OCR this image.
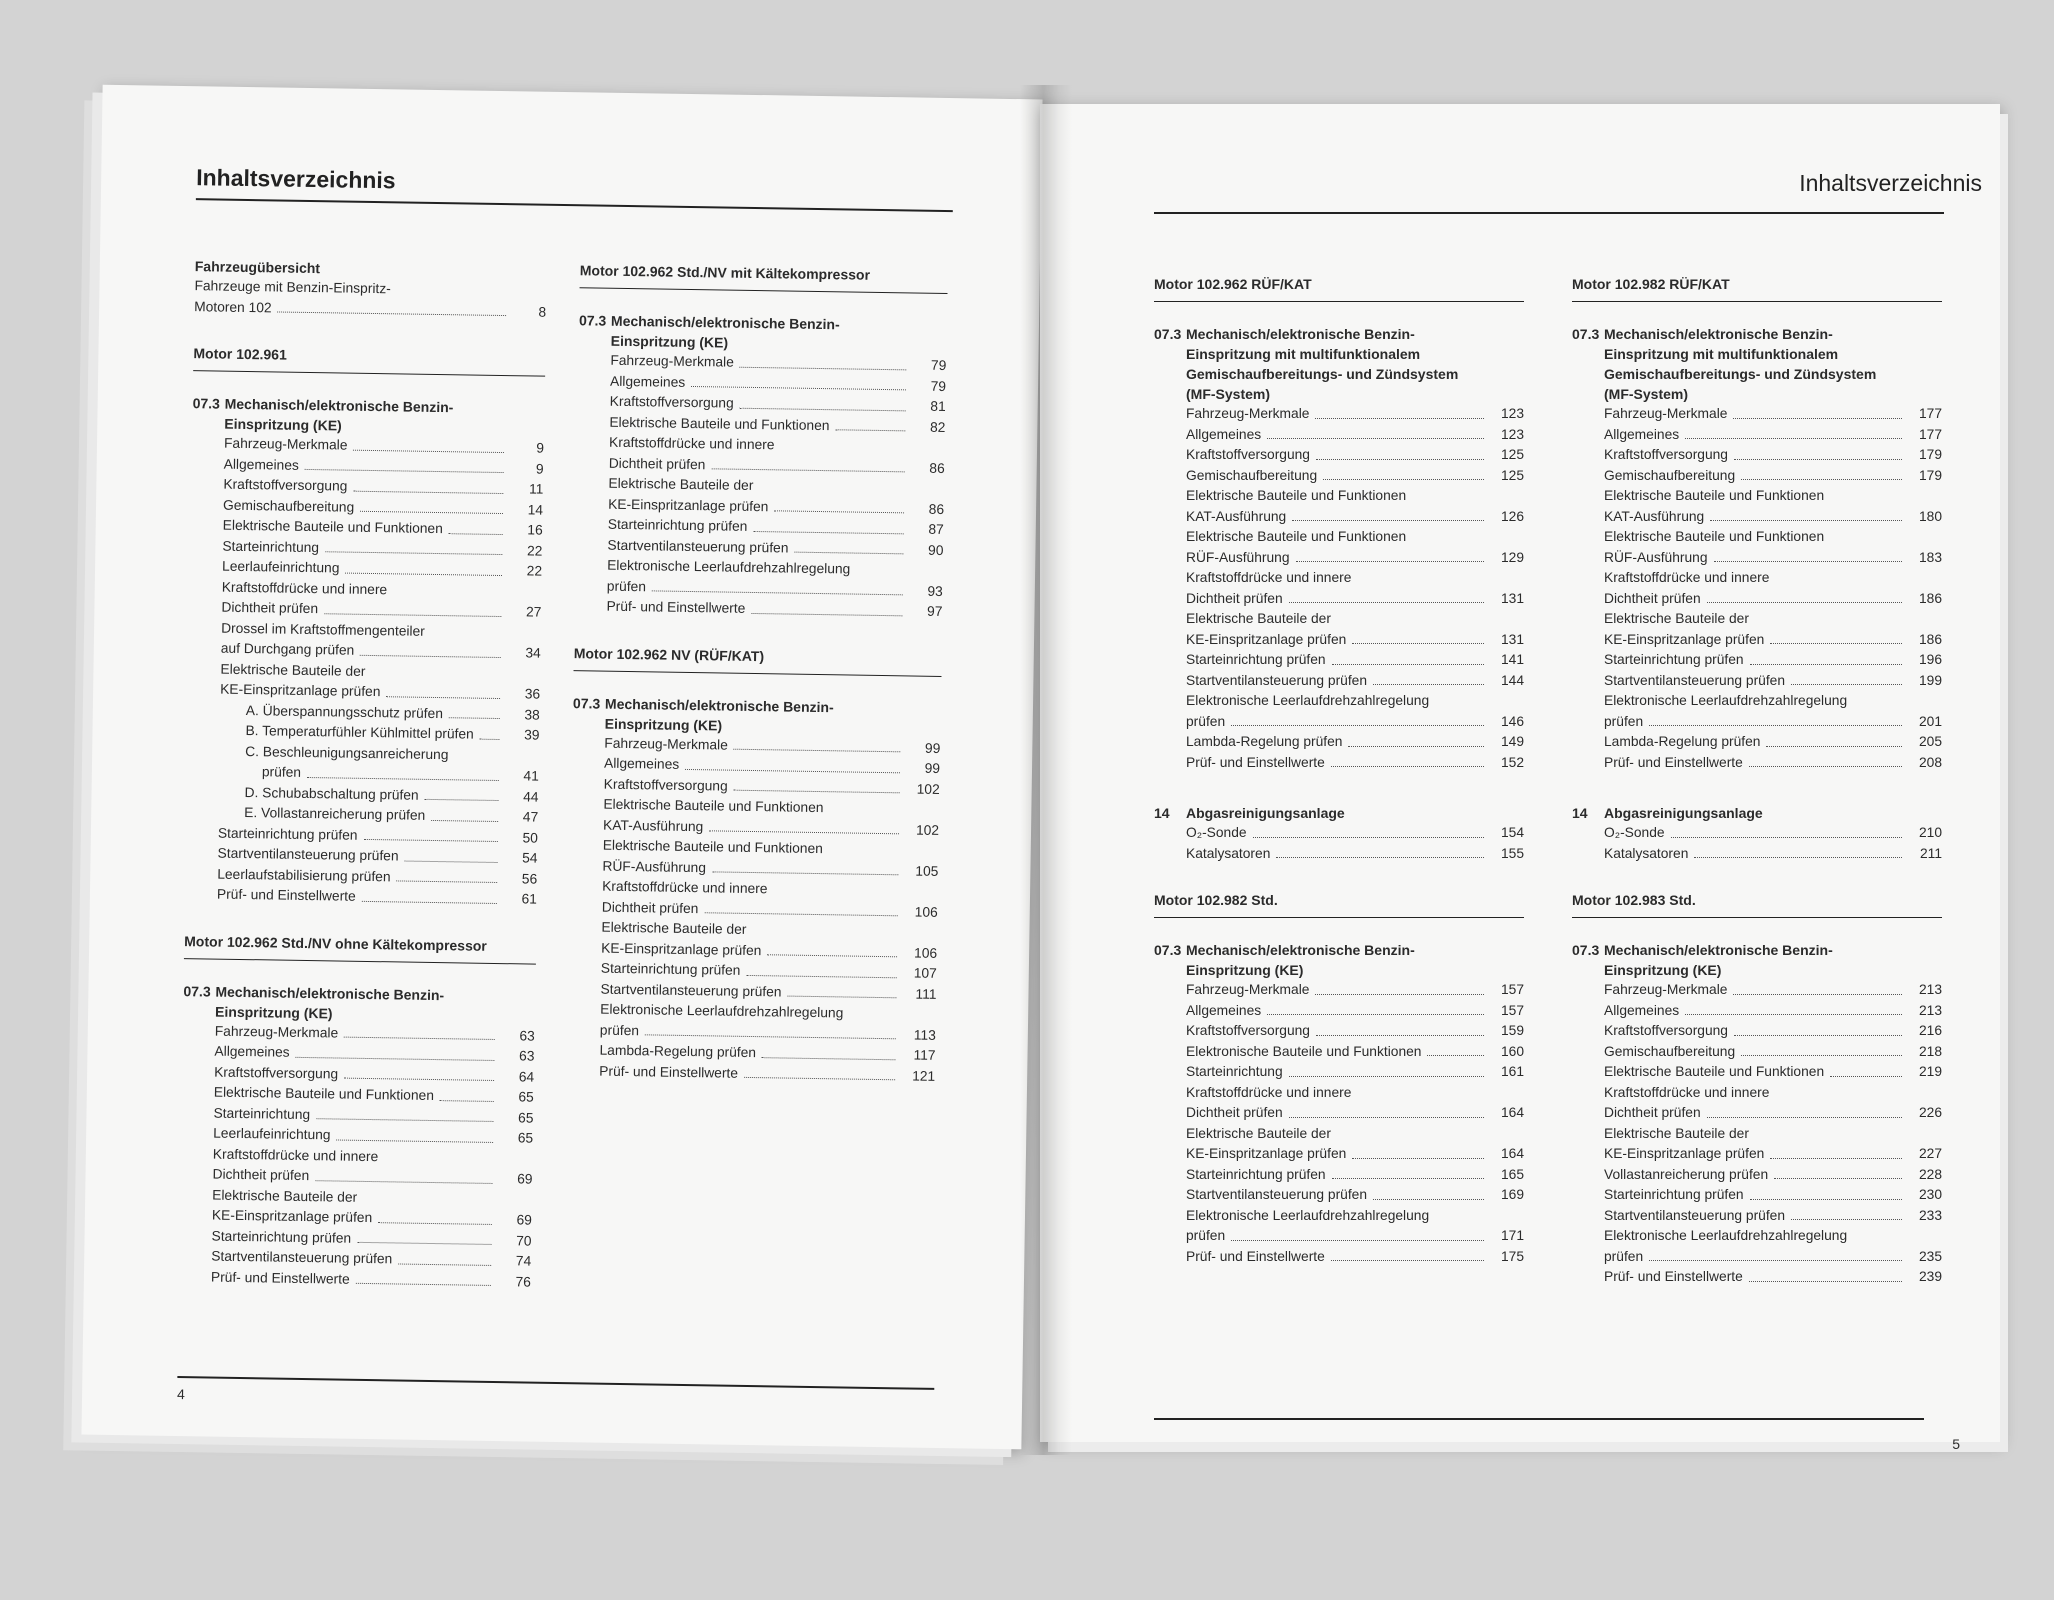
Inhaltsverzeichnis
Fahrzeugübersicht
Fahrzeuge mit Benzin-Einspritz-
Motoren 102	8
Motor 102.961
07.3 Mechanisch/elektronische Benzin-
Einspritzung (KE)
Fahrzeug-Merkmale	9
Allgemeines	9
Kraftstoffversorgung	11
Gemischaufbereitung	14
Elektrische Bauteile und Funktionen	16
Starteinrichtung	22
Leerlaufeinrichtung	22
Kraftstoffdrücke und innere
Dichtheit prüfen	27
Drossel im Kraftstoffmengenteiler
auf Durchgang prüfen	34
Elektrische Bauteile der
KE-Einspritzanlage prüfen	36
A. Überspannungsschutz prüfen	38
B. Temperaturfühler Kühlmittel prüfen	39
C. Beschleunigungsanreicherung
prüfen	41
D. Schubabschaltung prüfen	44
E. Vollastanreicherung prüfen	47
Starteinrichtung prüfen	50
Startventilansteuerung prüfen	54
Leerlaufstabilisierung prüfen	56
Prüf- und Einstellwerte	61
Motor 102.962 Std./NV ohne Kältekompressor
07.3 Mechanisch/elektronische Benzin-
Einspritzung (KE)
Fahrzeug-Merkmale	63
Allgemeines	63
Kraftstoffversorgung	64
Elektrische Bauteile und Funktionen	65
Starteinrichtung	65
Leerlaufeinrichtung	65
Kraftstoffdrücke und innere
Dichtheit prüfen	69
Elektrische Bauteile der
KE-Einspritzanlage prüfen	69
Starteinrichtung prüfen	70
Startventilansteuerung prüfen	74
Prüf- und Einstellwerte	76
Motor 102.962 Std./NV mit Kältekompressor
07.3 Mechanisch/elektronische Benzin-
Einspritzung (KE)
Fahrzeug-Merkmale	79
Allgemeines	79
Kraftstoffversorgung	81
Elektrische Bauteile und Funktionen	82
Kraftstoffdrücke und innere
Dichtheit prüfen	86
Elektrische Bauteile der
KE-Einspritzanlage prüfen	86
Starteinrichtung prüfen	87
Startventilansteuerung prüfen	90
Elektronische Leerlaufdrehzahlregelung
prüfen	93
Prüf- und Einstellwerte	97
Motor 102.962 NV (RÜF/KAT)
07.3 Mechanisch/elektronische Benzin-
Einspritzung (KE)
Fahrzeug-Merkmale	99
Allgemeines	99
Kraftstoffversorgung	102
Elektrische Bauteile und Funktionen
KAT-Ausführung	102
Elektrische Bauteile und Funktionen
RÜF-Ausführung	105
Kraftstoffdrücke und innere
Dichtheit prüfen	106
Elektrische Bauteile der
KE-Einspritzanlage prüfen	106
Starteinrichtung prüfen	107
Startventilansteuerung prüfen	111
Elektronische Leerlaufdrehzahlregelung
prüfen	113
Lambda-Regelung prüfen	117
Prüf- und Einstellwerte	121
4
Inhaltsverzeichnis
Motor 102.962 RÜF/KAT
07.3 Mechanisch/elektronische Benzin-
Einspritzung mit multifunktionalem
Gemischaufbereitungs- und Zündsystem
(MF-System)
Fahrzeug-Merkmale	123
Allgemeines	123
Kraftstoffversorgung	125
Gemischaufbereitung	125
Elektrische Bauteile und Funktionen
KAT-Ausführung	126
Elektrische Bauteile und Funktionen
RÜF-Ausführung	129
Kraftstoffdrücke und innere
Dichtheit prüfen	131
Elektrische Bauteile der
KE-Einspritzanlage prüfen	131
Starteinrichtung prüfen	141
Startventilansteuerung prüfen	144
Elektronische Leerlaufdrehzahlregelung
prüfen	146
Lambda-Regelung prüfen	149
Prüf- und Einstellwerte	152
14 Abgasreinigungsanlage
O₂-Sonde	154
Katalysatoren	155
Motor 102.982 Std.
07.3 Mechanisch/elektronische Benzin-
Einspritzung (KE)
Fahrzeug-Merkmale	157
Allgemeines	157
Kraftstoffversorgung	159
Elektronische Bauteile und Funktionen	160
Starteinrichtung	161
Kraftstoffdrücke und innere
Dichtheit prüfen	164
Elektrische Bauteile der
KE-Einspritzanlage prüfen	164
Starteinrichtung prüfen	165
Startventilansteuerung prüfen	169
Elektronische Leerlaufdrehzahlregelung
prüfen	171
Prüf- und Einstellwerte	175
Motor 102.982 RÜF/KAT
07.3 Mechanisch/elektronische Benzin-
Einspritzung mit multifunktionalem
Gemischaufbereitungs- und Zündsystem
(MF-System)
Fahrzeug-Merkmale	177
Allgemeines	177
Kraftstoffversorgung	179
Gemischaufbereitung	179
Elektrische Bauteile und Funktionen
KAT-Ausführung	180
Elektrische Bauteile und Funktionen
RÜF-Ausführung	183
Kraftstoffdrücke und innere
Dichtheit prüfen	186
Elektrische Bauteile der
KE-Einspritzanlage prüfen	186
Starteinrichtung prüfen	196
Startventilansteuerung prüfen	199
Elektronische Leerlaufdrehzahlregelung
prüfen	201
Lambda-Regelung prüfen	205
Prüf- und Einstellwerte	208
14 Abgasreinigungsanlage
O₂-Sonde	210
Katalysatoren	211
Motor 102.983 Std.
07.3 Mechanisch/elektronische Benzin-
Einspritzung (KE)
Fahrzeug-Merkmale	213
Allgemeines	213
Kraftstoffversorgung	216
Gemischaufbereitung	218
Elektrische Bauteile und Funktionen	219
Kraftstoffdrücke und innere
Dichtheit prüfen	226
Elektrische Bauteile der
KE-Einspritzanlage prüfen	227
Vollastanreicherung prüfen	228
Starteinrichtung prüfen	230
Startventilansteuerung prüfen	233
Elektronische Leerlaufdrehzahlregelung
prüfen	235
Prüf- und Einstellwerte	239
5
